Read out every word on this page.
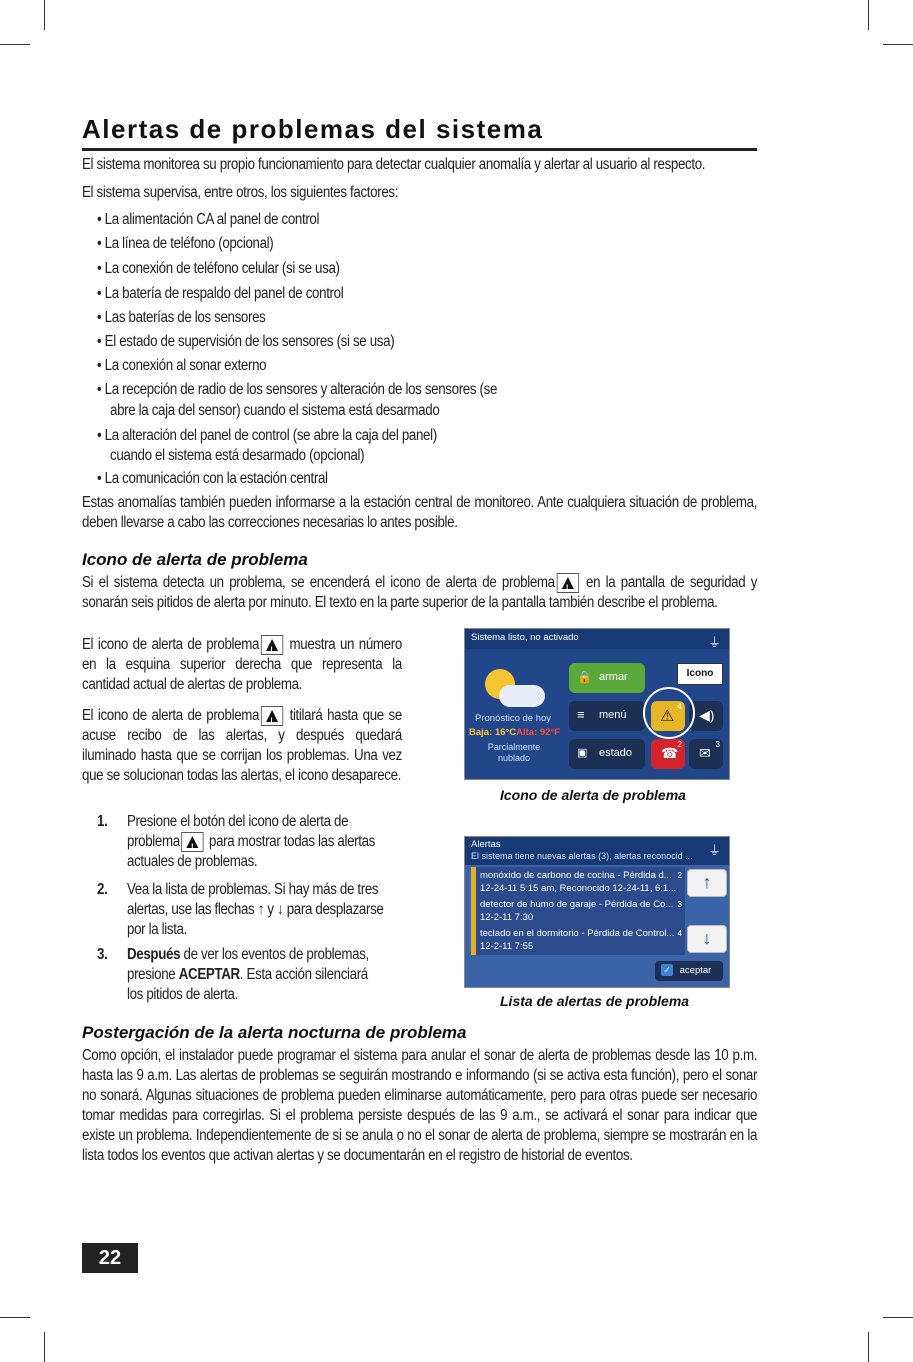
Alertas de problemas del sistema
El sistema monitorea su propio funcionamiento para detectar cualquier anomalía y alertar al usuario al respecto.
El sistema supervisa, entre otros, los siguientes factores:
• La alimentación CA al panel de control
• La línea de teléfono (opcional)
• La conexión de teléfono celular (si se usa)
• La batería de respaldo del panel de control
• Las baterías de los sensores
• El estado de supervisión de los sensores (si se usa)
• La conexión al sonar externo
• La recepción de radio de los sensores y alteración de los sensores (se
abre la caja del sensor) cuando el sistema está desarmado
• La alteración del panel de control (se abre la caja del panel)
cuando el sistema está desarmado (opcional)
• La comunicación con la estación central
Estas anomalías también pueden informarse a la estación central de monitoreo. Ante cualquiera situación de problema, deben llevarse a cabo las correcciones necesarias lo antes posible.
Icono de alerta de problema
Si el sistema detecta un problema, se encenderá el icono de alerta de problema ! en la pantalla de seguridad y sonarán seis pitidos de alerta por minuto. El texto en la parte superior de la pantalla también describe el problema.
El icono de alerta de problema ! muestra un número en la esquina superior derecha que representa la cantidad actual de alertas de problema.
El icono de alerta de problema ! titilará hasta que se acuse recibo de las alertas, y después quedará iluminado hasta que se corrijan los problemas. Una vez que se solucionan todas las alertas, el icono desaparece.
1. Presione el botón del icono de alerta de problema ! para mostrar todas las alertas actuales de problemas.
2. Vea la lista de problemas. Si hay más de tres alertas, use las flechas ↑ y ↓ para desplazarse por la lista.
3. Después de ver los eventos de problemas, presione ACEPTAR. Esta acción silenciará los pitidos de alerta.
Sistema listo, no activado	⏚
Pronóstico de hoy
Baja: 16°CAlta: 92°F
Parcialmente nublado
🔒 armar
≡ menú
▣ estado
⚠
4
◀)
☎
2
✉
3
Icono
Icono de alerta de problema
Alertas
El sistema tiene nuevas alertas (3), alertas reconocid ... ⏚
monóxido de carbono de cocina - Pérdida d...
12-24-11 5:15 am, Reconocido 12-24-11, 6:1...
2
detector de humo de garaje - Pérdida de Co...
12-2-11 7:30
3
teclado en el dormitorio - Pérdida de Control...
12-2-11 7:55
4
↑
↓
✓ aceptar
Lista de alertas de problema
Postergación de la alerta nocturna de problema
Como opción, el instalador puede programar el sistema para anular el sonar de alerta de problemas desde las 10 p.m. hasta las 9 a.m. Las alertas de problemas se seguirán mostrando e informando (si se activa esta función), pero el sonar no sonará. Algunas situaciones de problema pueden eliminarse automáticamente, pero para otras puede ser necesario tomar medidas para corregirlas. Si el problema persiste después de las 9 a.m., se activará el sonar para indicar que existe un problema. Independientemente de si se anula o no el sonar de alerta de problema, siempre se mostrarán en la lista todos los eventos que activan alertas y se documentarán en el registro de historial de eventos.
22
